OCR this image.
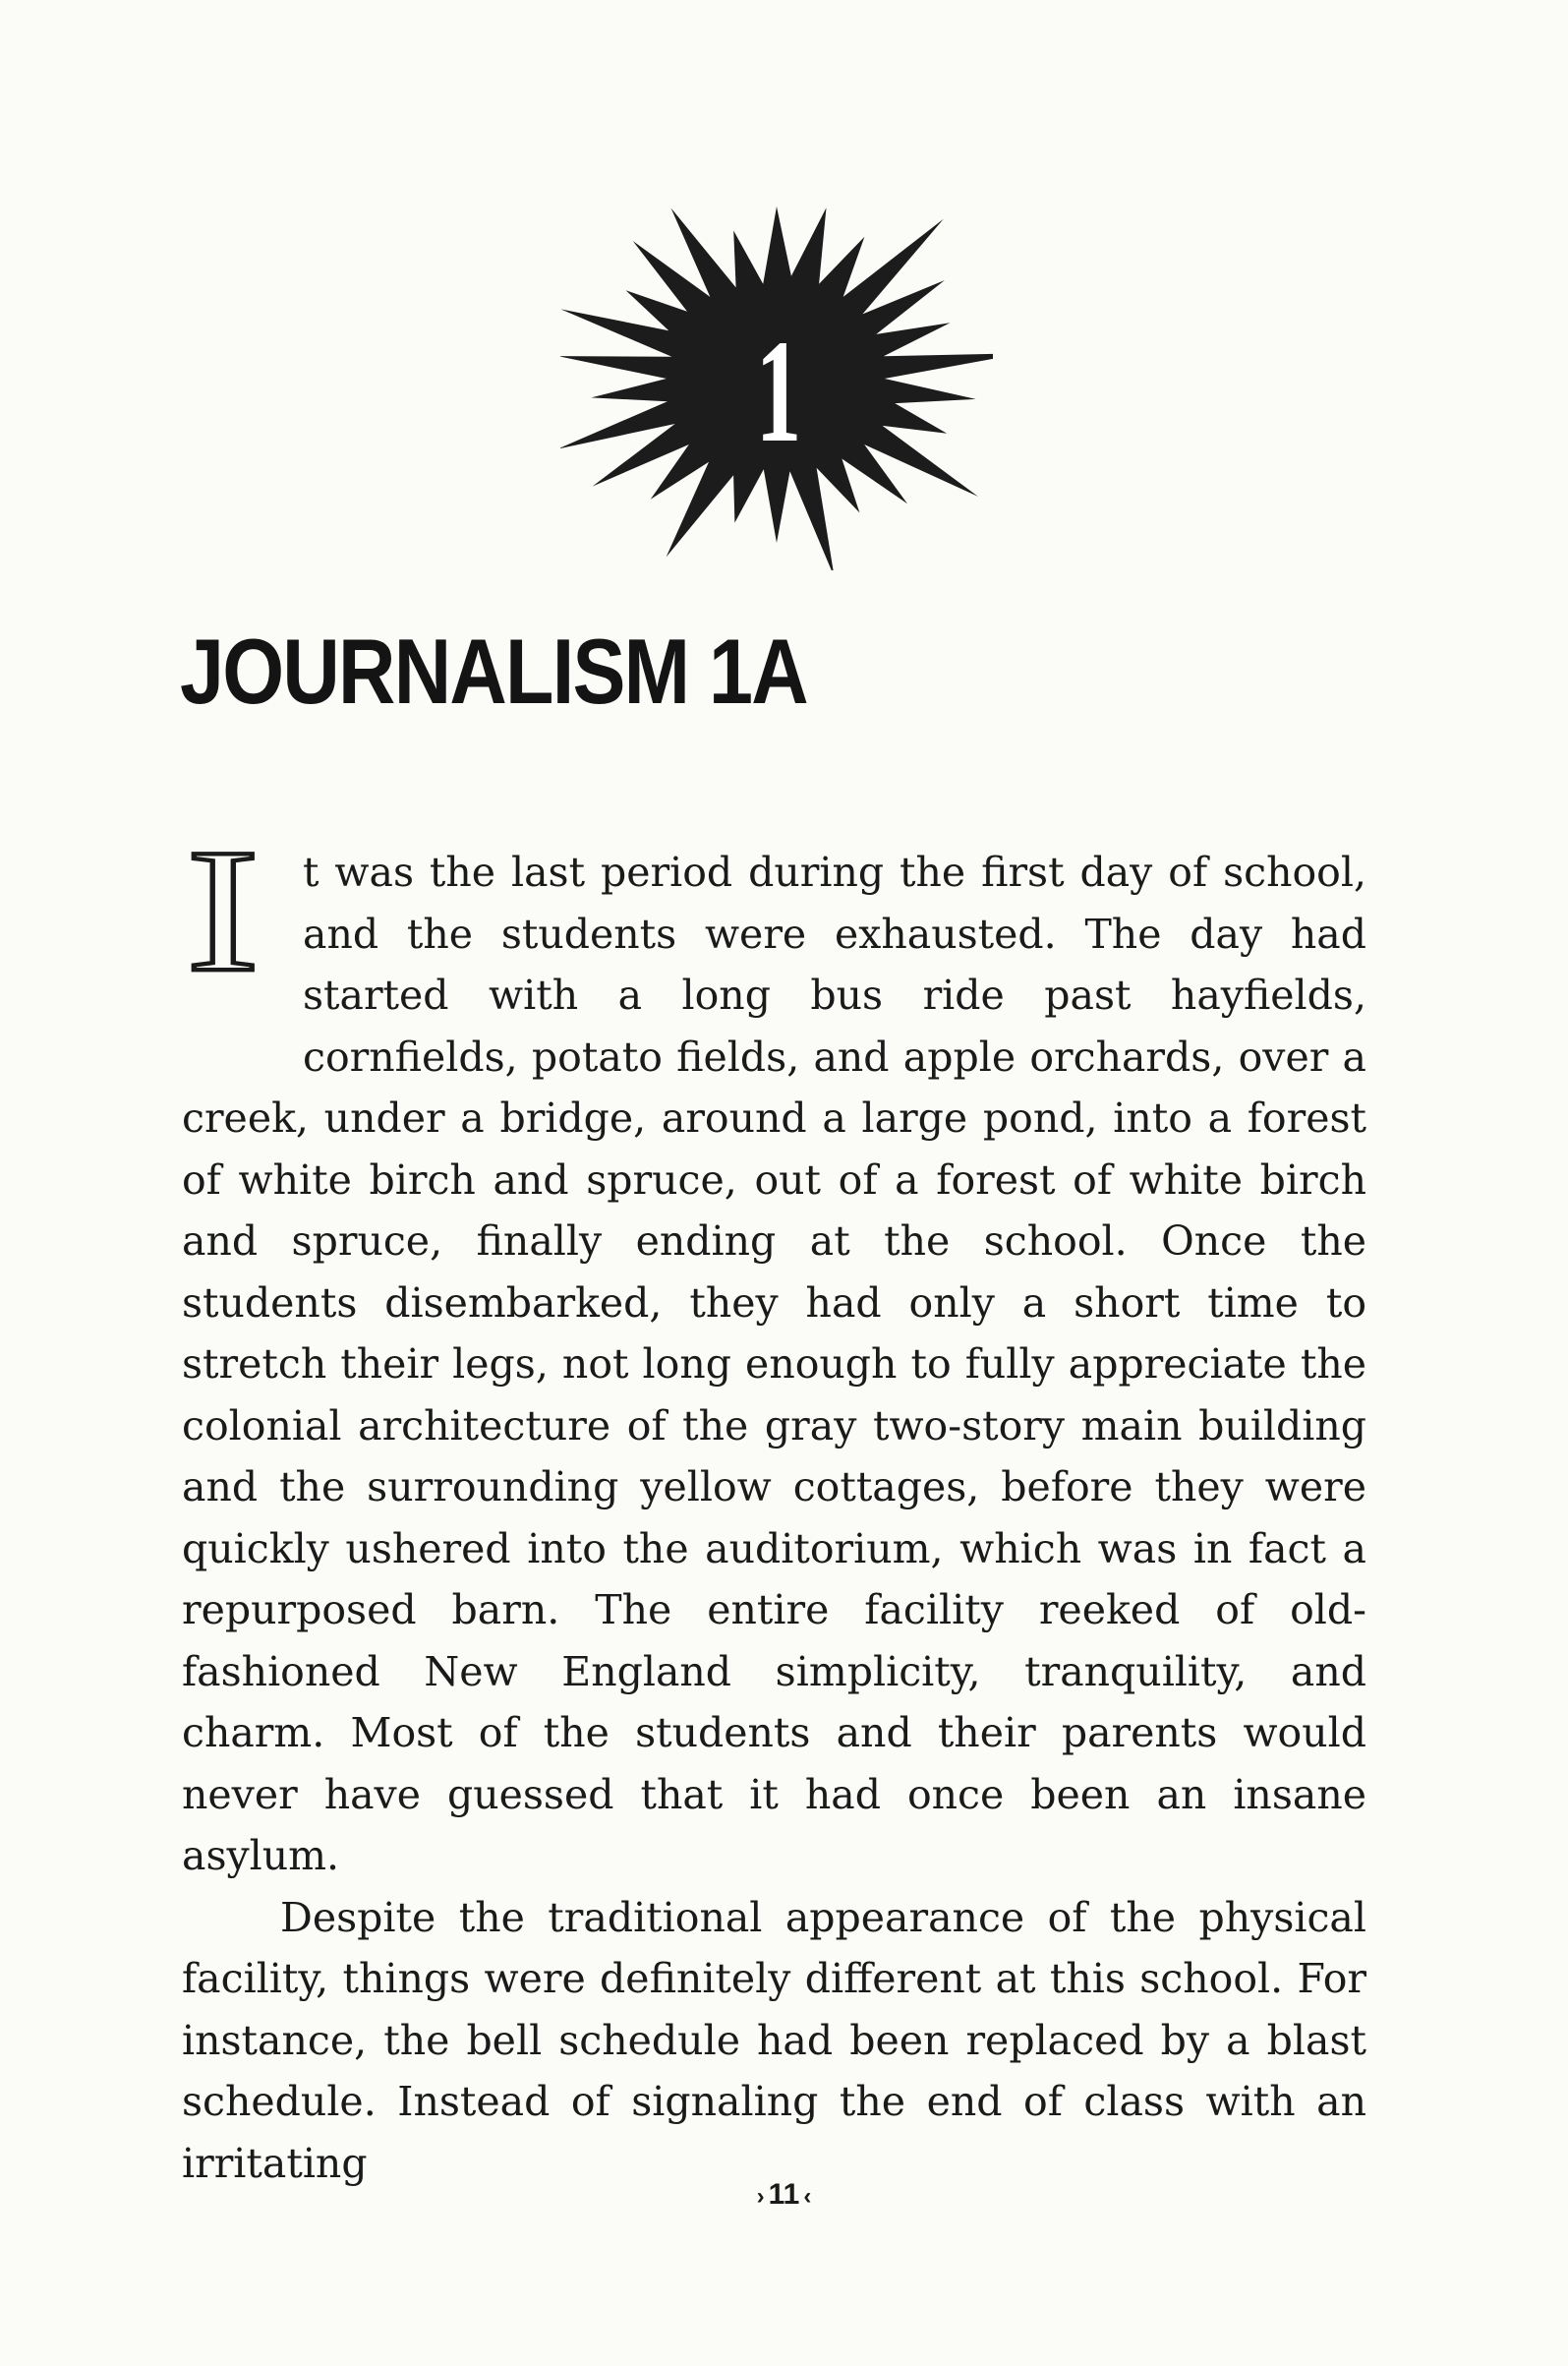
1
JOURNALISM 1A

I t was the last period during the first day of school, and the students were exhausted. The day had started with a long bus ride past hayfields, cornfields, potato fields, and apple orchards, over a creek, under a bridge, around a large pond, into a forest of white birch and spruce, out of a forest of white birch and spruce, finally ending at the school. Once the students disembarked, they had only a short time to stretch their legs, not long enough to fully appreciate the colonial architecture of the gray two-story main building and the surrounding yellow cottages, before they were quickly ushered into the auditorium, which was in fact a repurposed barn. The entire facility reeked of old-fashioned New England simplicity, tranquility, and charm. Most of the students and their parents would never have guessed that it had once been an insane asylum.

Despite the traditional appearance of the physical facility, things were definitely different at this school. For instance, the bell schedule had been replaced by a blast schedule. Instead of signaling the end of class with an irritating

› 11 ‹
